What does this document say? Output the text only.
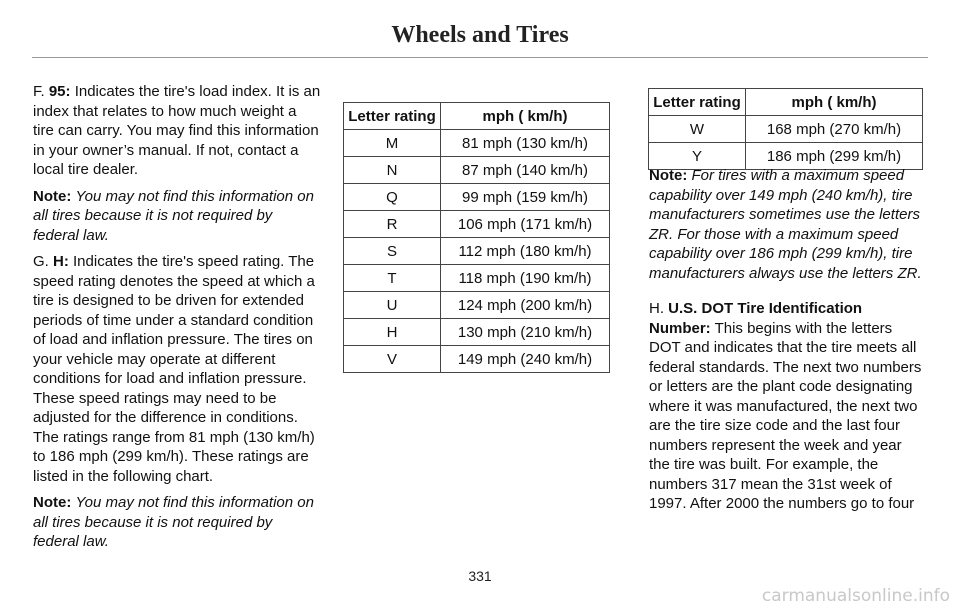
Wheels and Tires

F. 95: Indicates the tire's load index. It is an index that relates to how much weight a tire can carry. You may find this information in your owner’s manual. If not, contact a local tire dealer.

Note: You may not find this information on all tires because it is not required by federal law.

G. H: Indicates the tire's speed rating. The speed rating denotes the speed at which a tire is designed to be driven for extended periods of time under a standard condition of load and inflation pressure. The tires on your vehicle may operate at different conditions for load and inflation pressure. These speed ratings may need to be adjusted for the difference in conditions. The ratings range from 81 mph (130 km/h) to 186 mph (299 km/h). These ratings are listed in the following chart.

Note: You may not find this information on all tires because it is not required by federal law.

Letter rating	mph ( km/h)
M	81 mph (130 km/h)
N	87 mph (140 km/h)
Q	99 mph (159 km/h)
R	106 mph (171 km/h)
S	112 mph (180 km/h)
T	118 mph (190 km/h)
U	124 mph (200 km/h)
H	130 mph (210 km/h)
V	149 mph (240 km/h)
Letter rating	mph ( km/h)
W	168 mph (270 km/h)
Y	186 mph (299 km/h)

Note: For tires with a maximum speed capability over 149 mph (240 km/h), tire manufacturers sometimes use the letters ZR. For those with a maximum speed capability over 186 mph (299 km/h), tire manufacturers always use the letters ZR.

H. U.S. DOT Tire Identification Number: This begins with the letters DOT and indicates that the tire meets all federal standards. The next two numbers or letters are the plant code designating where it was manufactured, the next two are the tire size code and the last four numbers represent the week and year the tire was built. For example, the numbers 317 mean the 31st week of 1997. After 2000 the numbers go to four

331
carmanualsonline.info
